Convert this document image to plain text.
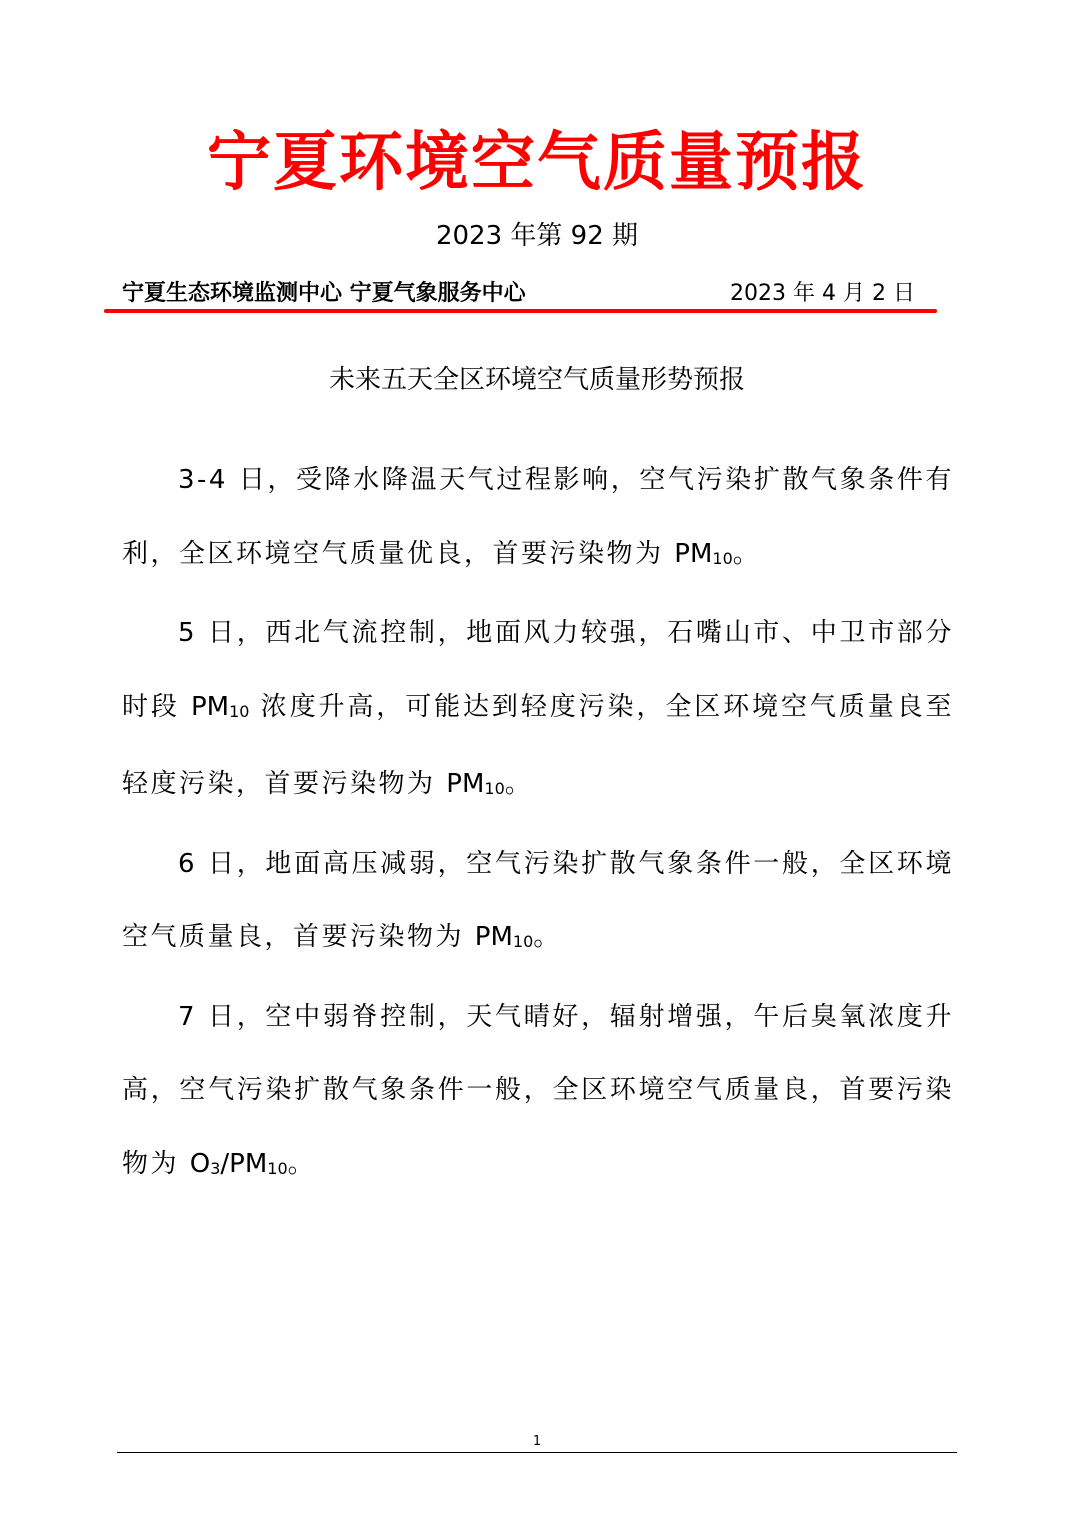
宁夏环境空气质量预报
2023 年第 92 期
宁夏生态环境监测中心 宁夏气象服务中心	2023 年 4 月 2 日
未来五天全区环境空气质量形势预报

3-4 日，受降水降温天气过程影响，空气污染扩散气象条件有利，全区环境空气质量优良，首要污染物为 $PM_{10}$。

5 日，西北气流控制，地面风力较强，石嘴山市、中卫市部分时段 $PM_{10}$ 浓度升高，可能达到轻度污染，全区环境空气质量良至轻度污染，首要污染物为 $PM_{10}$。

6 日，地面高压减弱，空气污染扩散气象条件一般，全区环境空气质量良，首要污染物为 $PM_{10}$。

7 日，空中弱脊控制，天气晴好，辐射增强，午后臭氧浓度升高，空气污染扩散气象条件一般，全区环境空气质量良，首要污染物为 $O_3/PM_{10}$。

1
